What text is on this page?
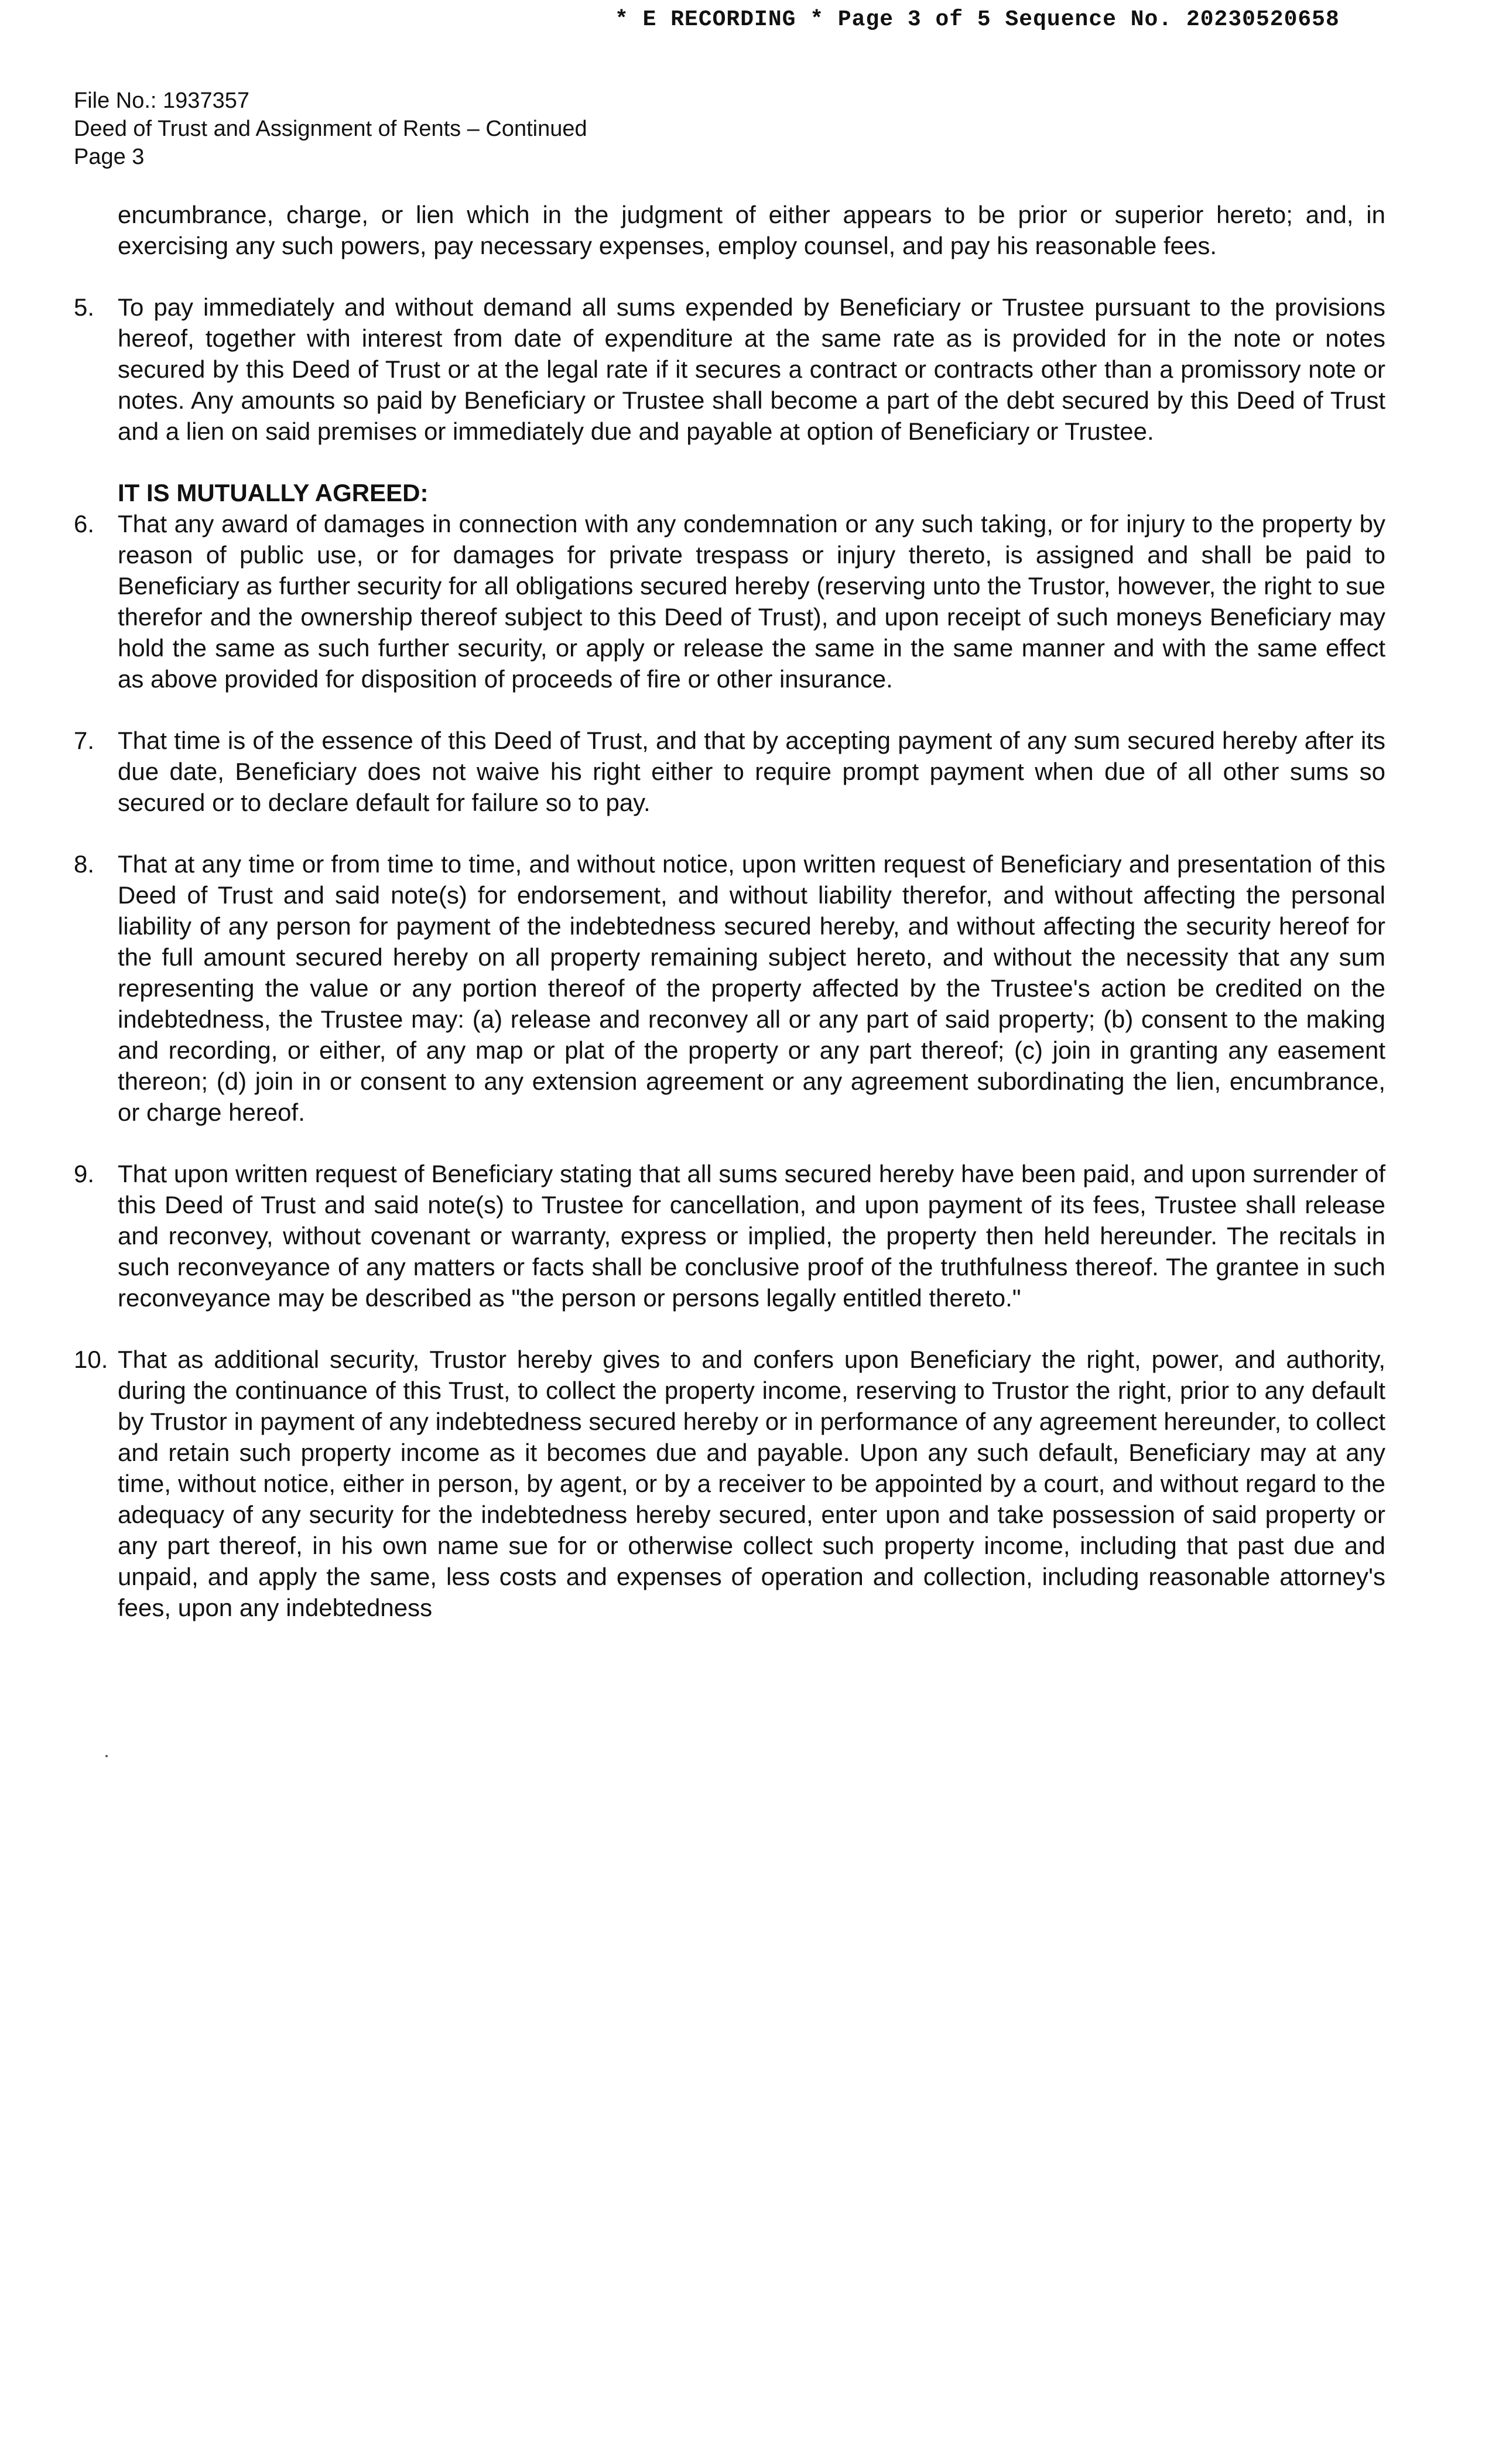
* E RECORDING * Page 3 of 5 Sequence No. 20230520658
File No.: 1937357
Deed of Trust and Assignment of Rents – Continued
Page 3
encumbrance, charge, or lien which in the judgment of either appears to be prior or superior hereto; and, in exercising any such powers, pay necessary expenses, employ counsel, and pay his reasonable fees.
5. To pay immediately and without demand all sums expended by Beneficiary or Trustee pursuant to the provisions hereof, together with interest from date of expenditure at the same rate as is provided for in the note or notes secured by this Deed of Trust or at the legal rate if it secures a contract or contracts other than a promissory note or notes. Any amounts so paid by Beneficiary or Trustee shall become a part of the debt secured by this Deed of Trust and a lien on said premises or immediately due and payable at option of Beneficiary or Trustee.
IT IS MUTUALLY AGREED:
6. That any award of damages in connection with any condemnation or any such taking, or for injury to the property by reason of public use, or for damages for private trespass or injury thereto, is assigned and shall be paid to Beneficiary as further security for all obligations secured hereby (reserving unto the Trustor, however, the right to sue therefor and the ownership thereof subject to this Deed of Trust), and upon receipt of such moneys Beneficiary may hold the same as such further security, or apply or release the same in the same manner and with the same effect as above provided for disposition of proceeds of fire or other insurance.
7. That time is of the essence of this Deed of Trust, and that by accepting payment of any sum secured hereby after its due date, Beneficiary does not waive his right either to require prompt payment when due of all other sums so secured or to declare default for failure so to pay.
8. That at any time or from time to time, and without notice, upon written request of Beneficiary and presentation of this Deed of Trust and said note(s) for endorsement, and without liability therefor, and without affecting the personal liability of any person for payment of the indebtedness secured hereby, and without affecting the security hereof for the full amount secured hereby on all property remaining subject hereto, and without the necessity that any sum representing the value or any portion thereof of the property affected by the Trustee's action be credited on the indebtedness, the Trustee may: (a) release and reconvey all or any part of said property; (b) consent to the making and recording, or either, of any map or plat of the property or any part thereof; (c) join in granting any easement thereon; (d) join in or consent to any extension agreement or any agreement subordinating the lien, encumbrance, or charge hereof.
9. That upon written request of Beneficiary stating that all sums secured hereby have been paid, and upon surrender of this Deed of Trust and said note(s) to Trustee for cancellation, and upon payment of its fees, Trustee shall release and reconvey, without covenant or warranty, express or implied, the property then held hereunder. The recitals in such reconveyance of any matters or facts shall be conclusive proof of the truthfulness thereof. The grantee in such reconveyance may be described as "the person or persons legally entitled thereto."
10. That as additional security, Trustor hereby gives to and confers upon Beneficiary the right, power, and authority, during the continuance of this Trust, to collect the property income, reserving to Trustor the right, prior to any default by Trustor in payment of any indebtedness secured hereby or in performance of any agreement hereunder, to collect and retain such property income as it becomes due and payable. Upon any such default, Beneficiary may at any time, without notice, either in person, by agent, or by a receiver to be appointed by a court, and without regard to the adequacy of any security for the indebtedness hereby secured, enter upon and take possession of said property or any part thereof, in his own name sue for or otherwise collect such property income, including that past due and unpaid, and apply the same, less costs and expenses of operation and collection, including reasonable attorney's fees, upon any indebtedness
